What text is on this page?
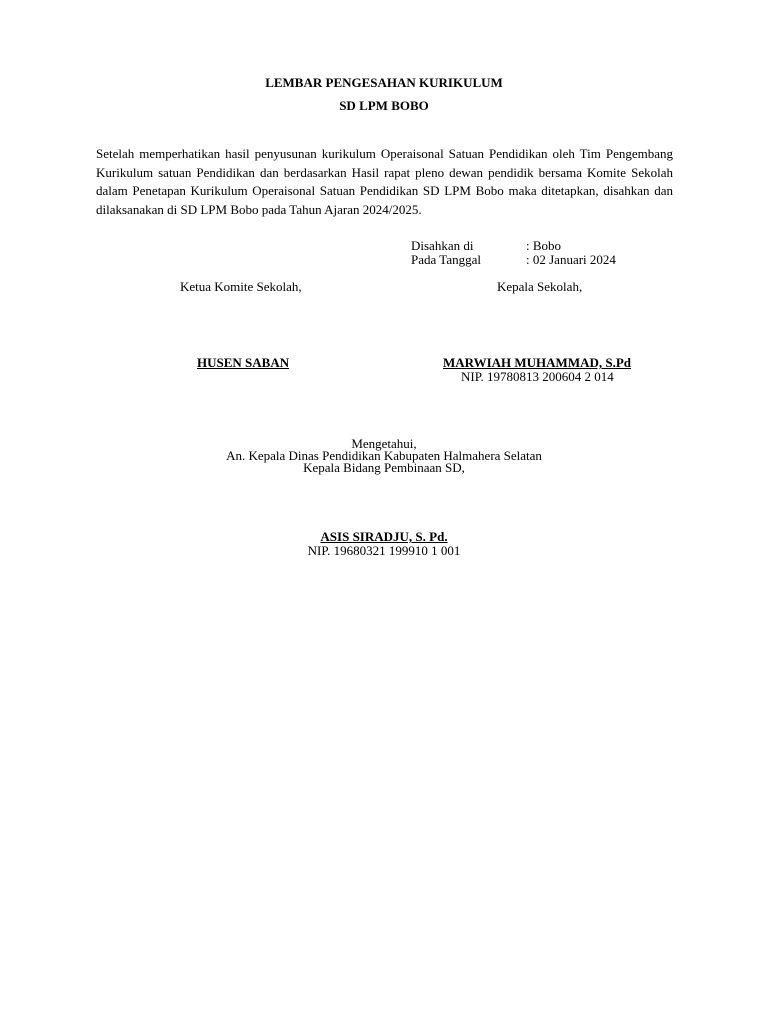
LEMBAR PENGESAHAN KURIKULUM
SD LPM BOBO
Setelah memperhatikan hasil penyusunan kurikulum Operaisonal Satuan Pendidikan oleh Tim Pengembang Kurikulum satuan Pendidikan dan berdasarkan Hasil rapat pleno dewan pendidik bersama Komite Sekolah dalam Penetapan Kurikulum Operaisonal Satuan Pendidikan SD LPM Bobo maka ditetapkan, disahkan dan dilaksanakan di SD LPM Bobo pada Tahun Ajaran 2024/2025.
Disahkan di	: Bobo
Pada Tanggal	: 02 Januari 2024
Ketua Komite Sekolah,	Kepala Sekolah,
HUSEN SABAN	MARWIAH MUHAMMAD, S.Pd
NIP. 19780813 200604 2 014
Mengetahui,
An. Kepala Dinas Pendidikan Kabupaten Halmahera Selatan
Kepala Bidang Pembinaan SD,
ASIS SIRADJU, S. Pd.
NIP. 19680321 199910 1 001
